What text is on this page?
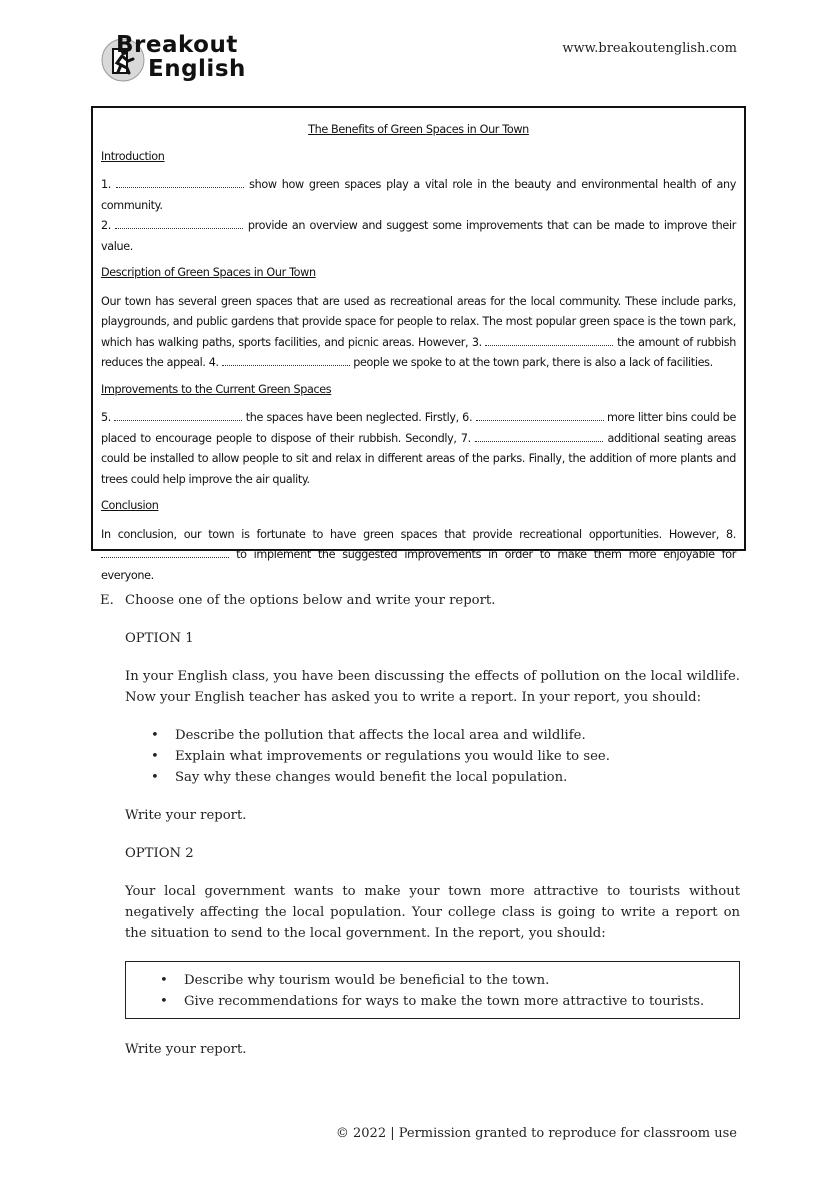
Breakout
English
www.breakoutenglish.com
The Benefits of Green Spaces in Our Town
Introduction

1.	show how green spaces play a vital role in the beauty and environmental health of any community.

2.	provide an overview and suggest some improvements that can be made to improve their value.

Description of Green Spaces in Our Town
Our town has several green spaces that are used as recreational areas for the local community. These include parks, playgrounds, and public gardens that provide space for people to relax. The most popular green space is the town park, which has walking paths, sports facilities, and picnic areas. However, 3.	the amount of rubbish reduces the appeal. 4.	people we spoke to at the town park, there is also a lack of facilities.
Improvements to the Current Green Spaces
5.	the spaces have been neglected. Firstly, 6.	more litter bins could be placed to encourage people to dispose of their rubbish. Secondly, 7.	additional seating areas could be installed to allow people to sit and relax in different areas of the parks. Finally, the addition of more plants and trees could help improve the air quality.
Conclusion
In conclusion, our town is fortunate to have green spaces that provide recreational opportunities. However, 8.  to implement the suggested improvements in order to make them more enjoyable for everyone.
E. Choose one of the options below and write your report.
OPTION 1
In your English class, you have been discussing the effects of pollution on the local wildlife. Now your English teacher has asked you to write a report. In your report, you should:
• Describe the pollution that affects the local area and wildlife.
• Explain what improvements or regulations you would like to see.
• Say why these changes would benefit the local population.
Write your report.
OPTION 2
Your local government wants to make your town more attractive to tourists without negatively affecting the local population. Your college class is going to write a report on the situation to send to the local government. In the report, you should:
• Describe why tourism would be beneficial to the town.
• Give recommendations for ways to make the town more attractive to tourists.
Write your report.
© 2022 | Permission granted to reproduce for classroom use
